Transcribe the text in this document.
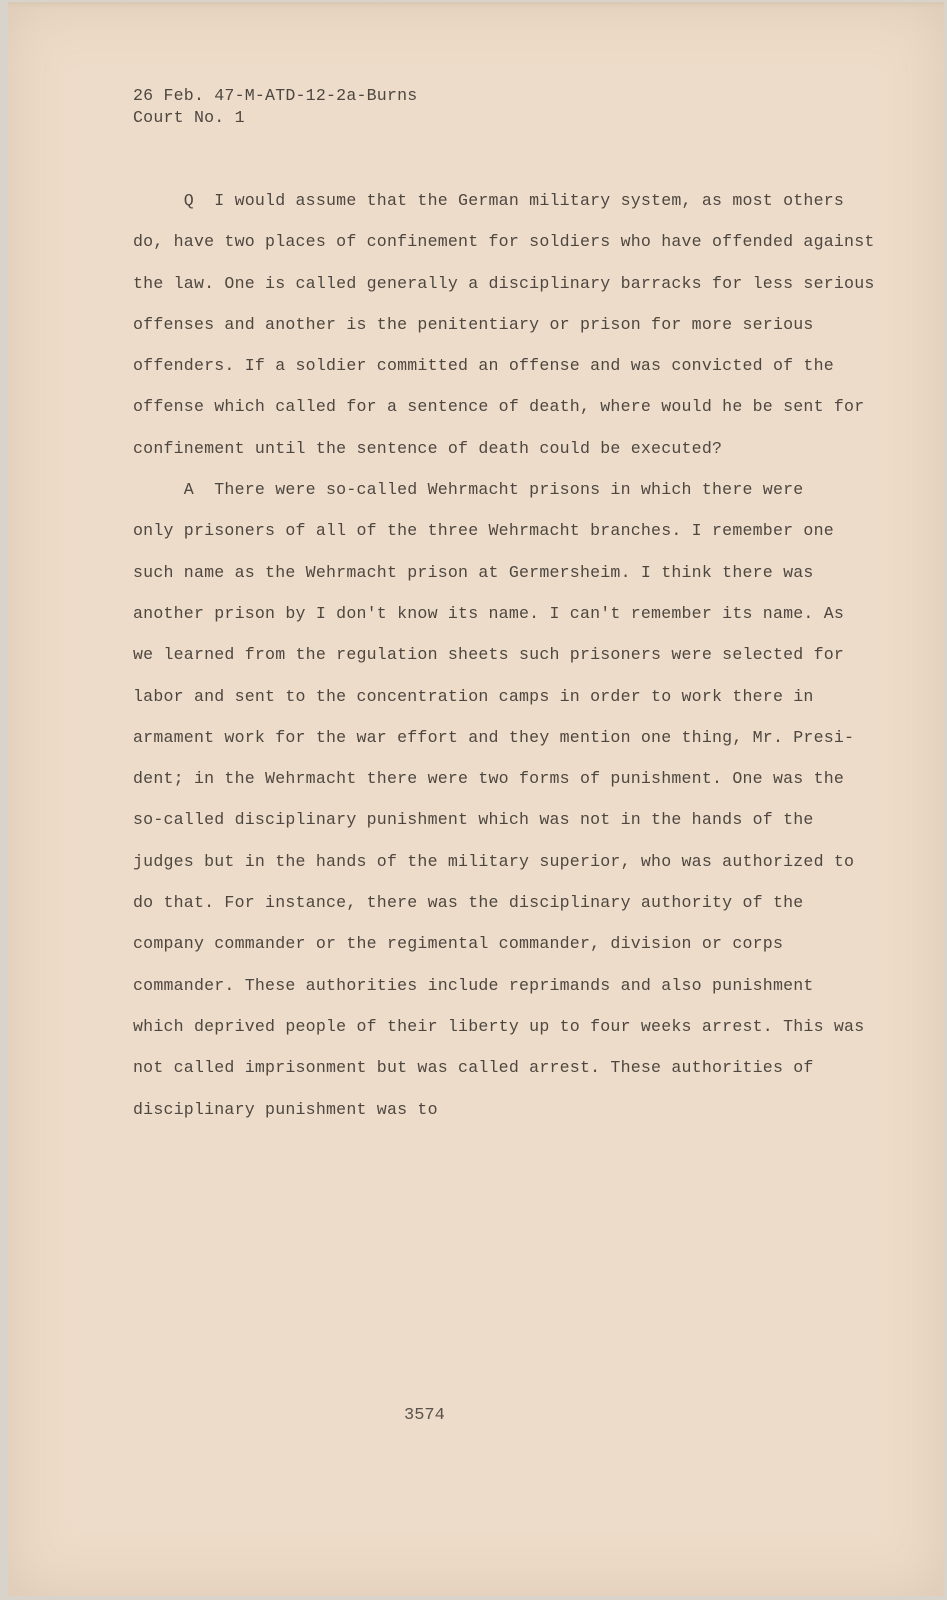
26 Feb. 47-M-ATD-12-2a-Burns
Court No. 1
Q  I would assume that the German military system, as most others
do, have two places of confinement for soldiers who have offended against
the law. One is called generally a disciplinary barracks for less serious
offenses and another is the penitentiary or prison for more serious
offenders. If a soldier committed an offense and was convicted of the
offense which called for a sentence of death, where would he be sent for
confinement until the sentence of death could be executed?
A  There were so-called Wehrmacht prisons in which there were
only prisoners of all of the three Wehrmacht branches. I remember one
such name as the Wehrmacht prison at Germersheim. I think there was
another prison by I don't know its name. I can't remember its name. As
we learned from the regulation sheets such prisoners were selected for
labor and sent to the concentration camps in order to work there in
armament work for the war effort and they mention one thing, Mr. Presi-
dent; in the Wehrmacht there were two forms of punishment. One was the
so-called disciplinary punishment which was not in the hands of the
judges but in the hands of the military superior, who was authorized to
do that. For instance, there was the disciplinary authority of the
company commander or the regimental commander, division or corps
commander. These authorities include reprimands and also punishment
which deprived people of their liberty up to four weeks arrest. This was
not called imprisonment but was called arrest. These authorities of
disciplinary punishment was to
3574
